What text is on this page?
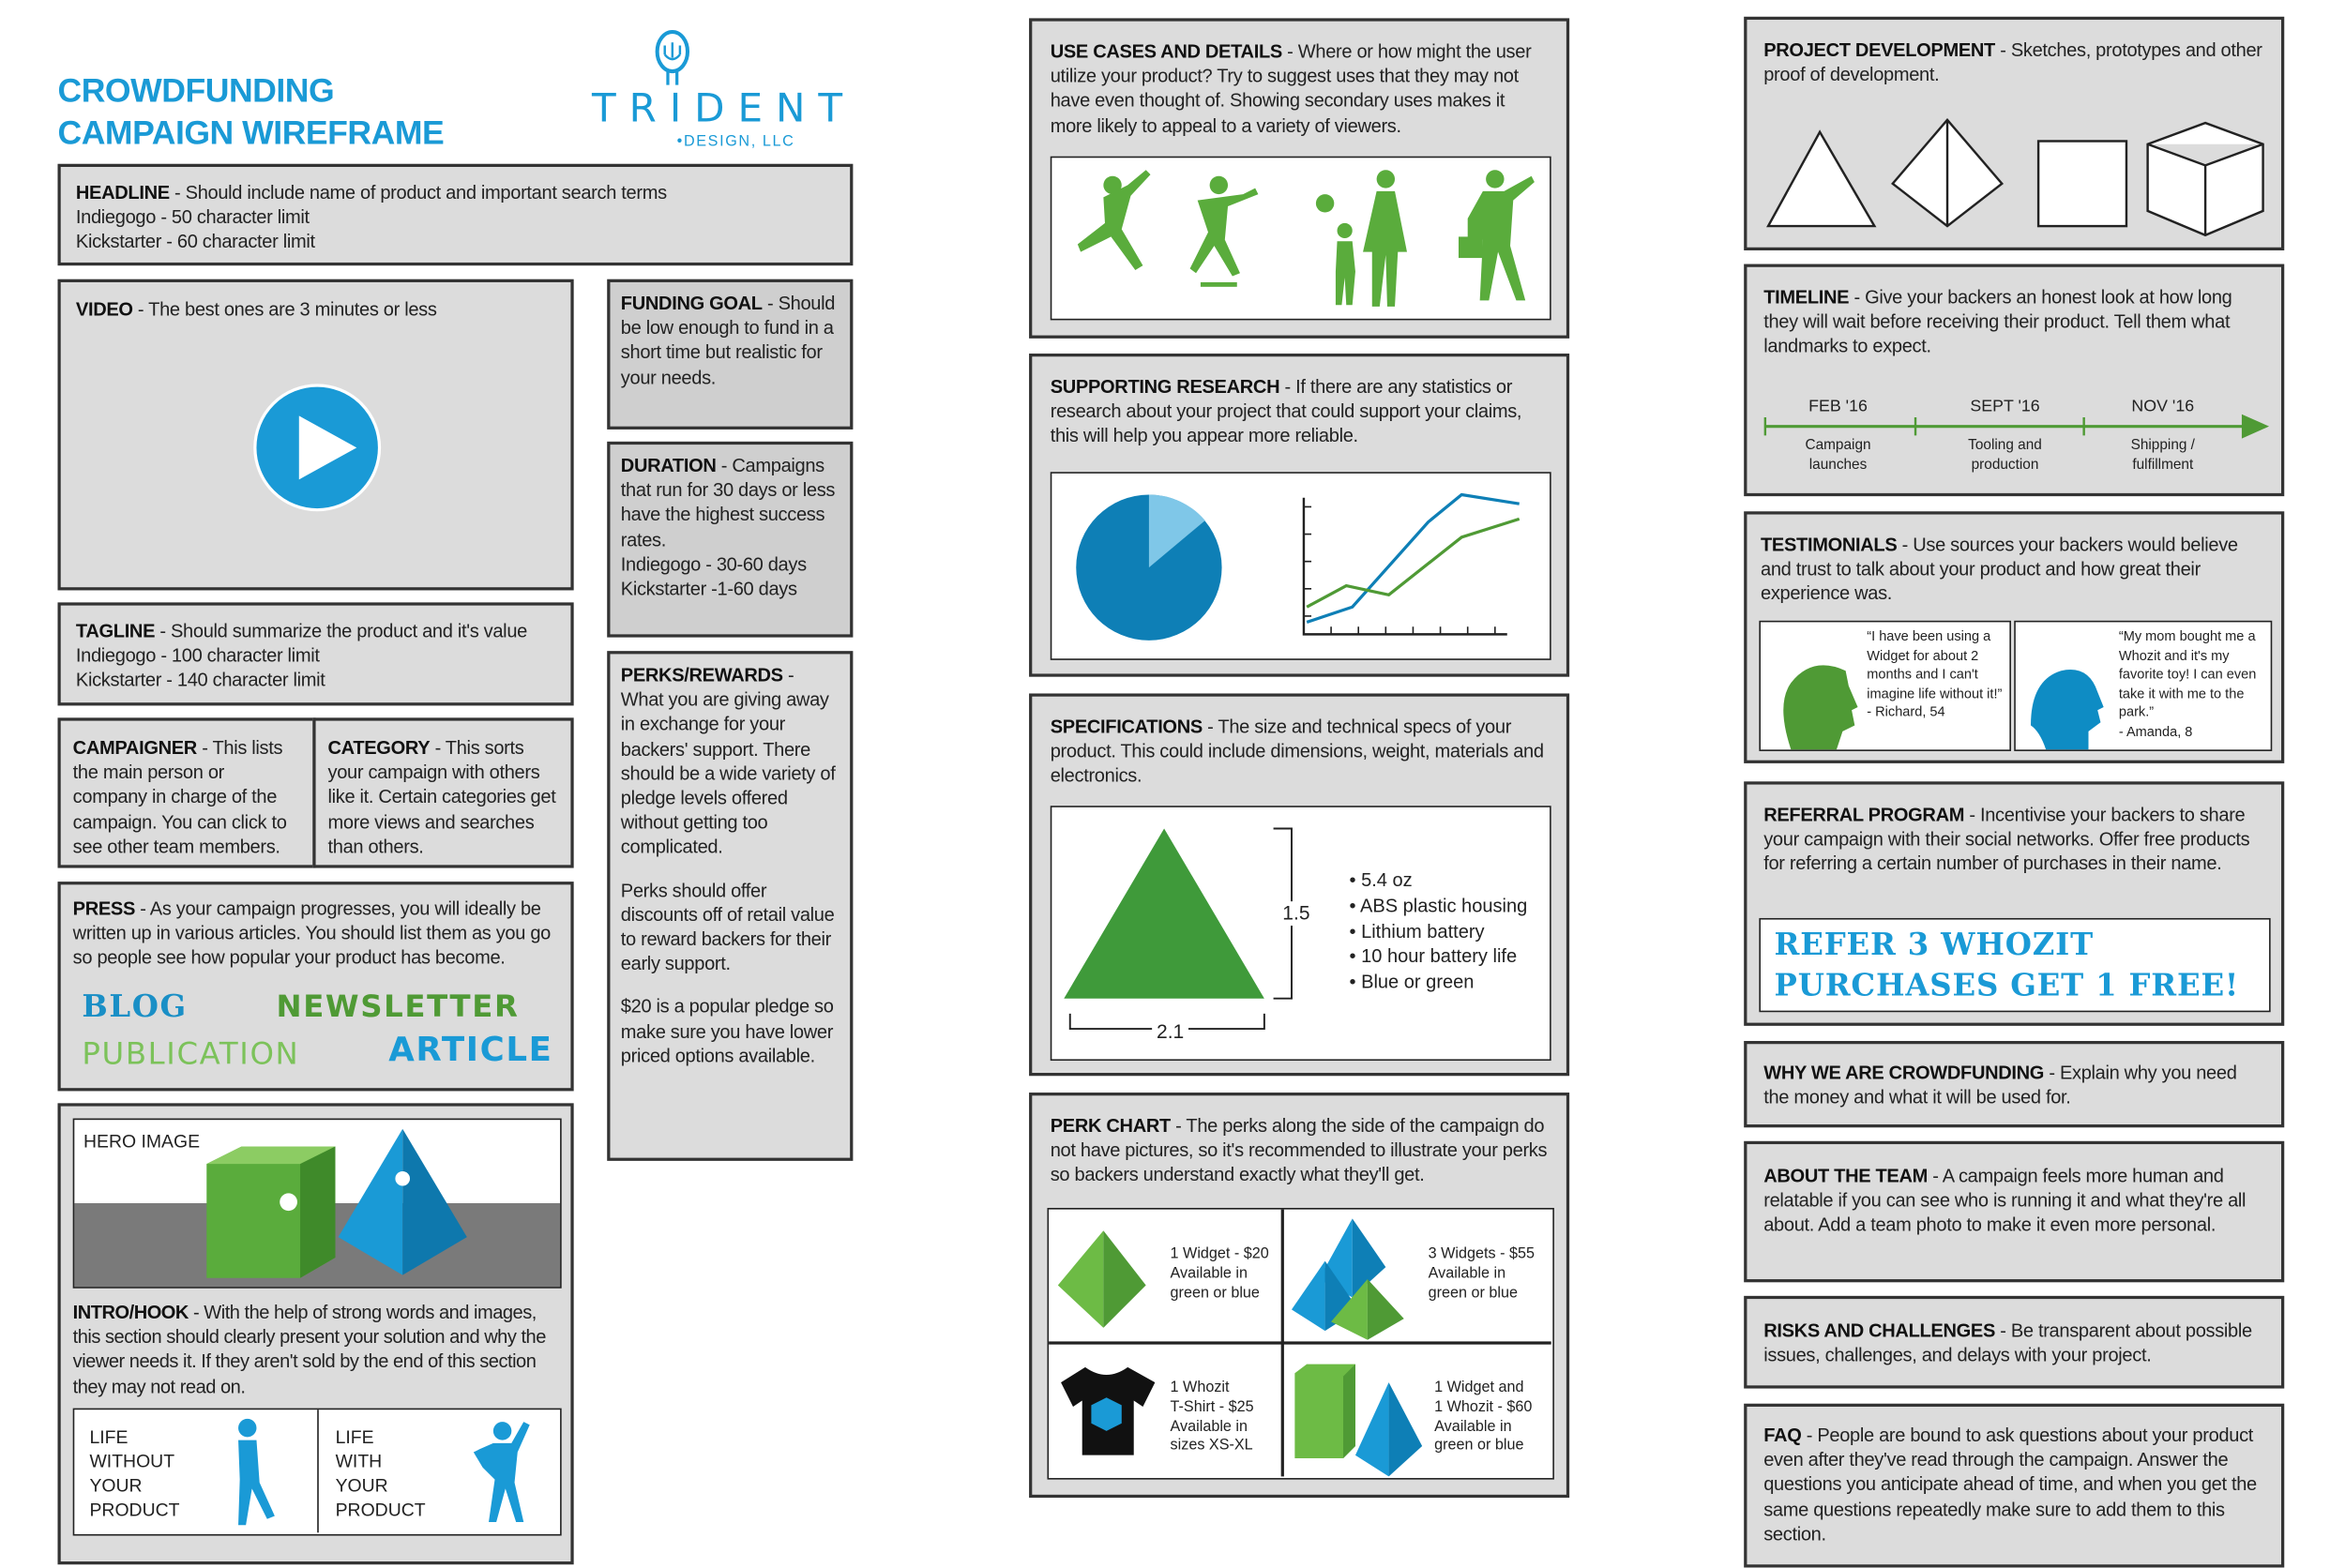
CROWDFUNDING
CAMPAIGN WIREFRAME
TRIDENT
•DESIGN, LLC

HEADLINE - Should include name of product and important search terms

Indiegogo - 50 character limit

Kickstarter - 60 character limit

VIDEO - The best ones are 3 minutes or less	FUNDING GOAL - Should be low enough to fund in a short time but realistic for your needs.

DURATION - Campaigns that run for 30 days or less have the highest success rates.

Indiegogo - 30-60 days

Kickstarter -1-60 days

PERKS/REWARDS - What you are giving away in exchange for your backers' support. There should be a wide variety of pledge levels offered without getting too complicated.

Perks should offer discounts off of retail value to reward backers for their early support.

$20 is a popular pledge so make sure you have lower priced options available.

TAGLINE - Should summarize the product and it's value

Indiegogo - 100 character limit

Kickstarter - 140 character limit

CAMPAIGNER - This lists the main person or company in charge of the campaign. You can click to see other team members.

CATEGORY - This sorts your campaign with others like it. Certain categories get more views and searches than others.

PRESS - As your campaign progresses, you will ideally be written up in various articles. You should list them as you go so people see how popular your product has become.

BLOG	NEWSLETTER
PUBLICATION	ARTICLE
HERO IMAGE

INTRO/HOOK - With the help of strong words and images, this section should clearly present your solution and why the viewer needs it. If they aren't sold by the end of this section they may not read on.

LIFE
WITHOUT
YOUR
PRODUCT
LIFE
WITH
YOUR
PRODUCT

USE CASES AND DETAILS - Where or how might the user utilize your product? Try to suggest uses that they may not have even thought of. Showing secondary uses makes it more likely to appeal to a variety of viewers.

SUPPORTING RESEARCH - If there are any statistics or research about your project that could support your claims, this will help you appear more reliable.

SPECIFICATIONS - The size and technical specs of your product. This could include dimensions, weight, materials and electronics.

1.5
2.1
• 5.4 oz
• ABS plastic housing
• Lithium battery
• 10 hour battery life
• Blue or green

PERK CHART - The perks along the side of the campaign do not have pictures, so it's recommended to illustrate your perks so backers understand exactly what they'll get.

1 Widget - $20
Available in
green or blue
3 Widgets - $55
Available in
green or blue
1 Whozit
T-Shirt - $25
Available in
sizes XS-XL
1 Widget and
1 Whozit - $60
Available in
green or blue

PROJECT DEVELOPMENT - Sketches, prototypes and other proof of development.

TIMELINE - Give your backers an honest look at how long they will wait before receiving their product. Tell them what landmarks to expect.

FEB '16	SEPT '16	NOV '16
Campaign
launches
Tooling and
production
Shipping /
fulfillment

TESTIMONIALS - Use sources your backers would believe and trust to talk about your product and how great their experience was.

“I have been using a Widget for about 2 months and I can't imagine life without it!”
- Richard, 54
“My mom bought me a Whozit and it's my favorite toy! I can even take it with me to the park.”
- Amanda, 8

REFERRAL PROGRAM - Incentivise your backers to share your campaign with their social networks. Offer free products for referring a certain number of purchases in their name.

REFER 3 WHOZIT
PURCHASES GET 1 FREE!

WHY WE ARE CROWDFUNDING - Explain why you need the money and what it will be used for.

ABOUT THE TEAM - A campaign feels more human and relatable if you can see who is running it and what they're all about. Add a team photo to make it even more personal.

RISKS AND CHALLENGES - Be transparent about possible issues, challenges, and delays with your project.

FAQ - People are bound to ask questions about your product even after they've read through the campaign. Answer the questions you anticipate ahead of time, and when you get the same questions repeatedly make sure to add them to this section.
